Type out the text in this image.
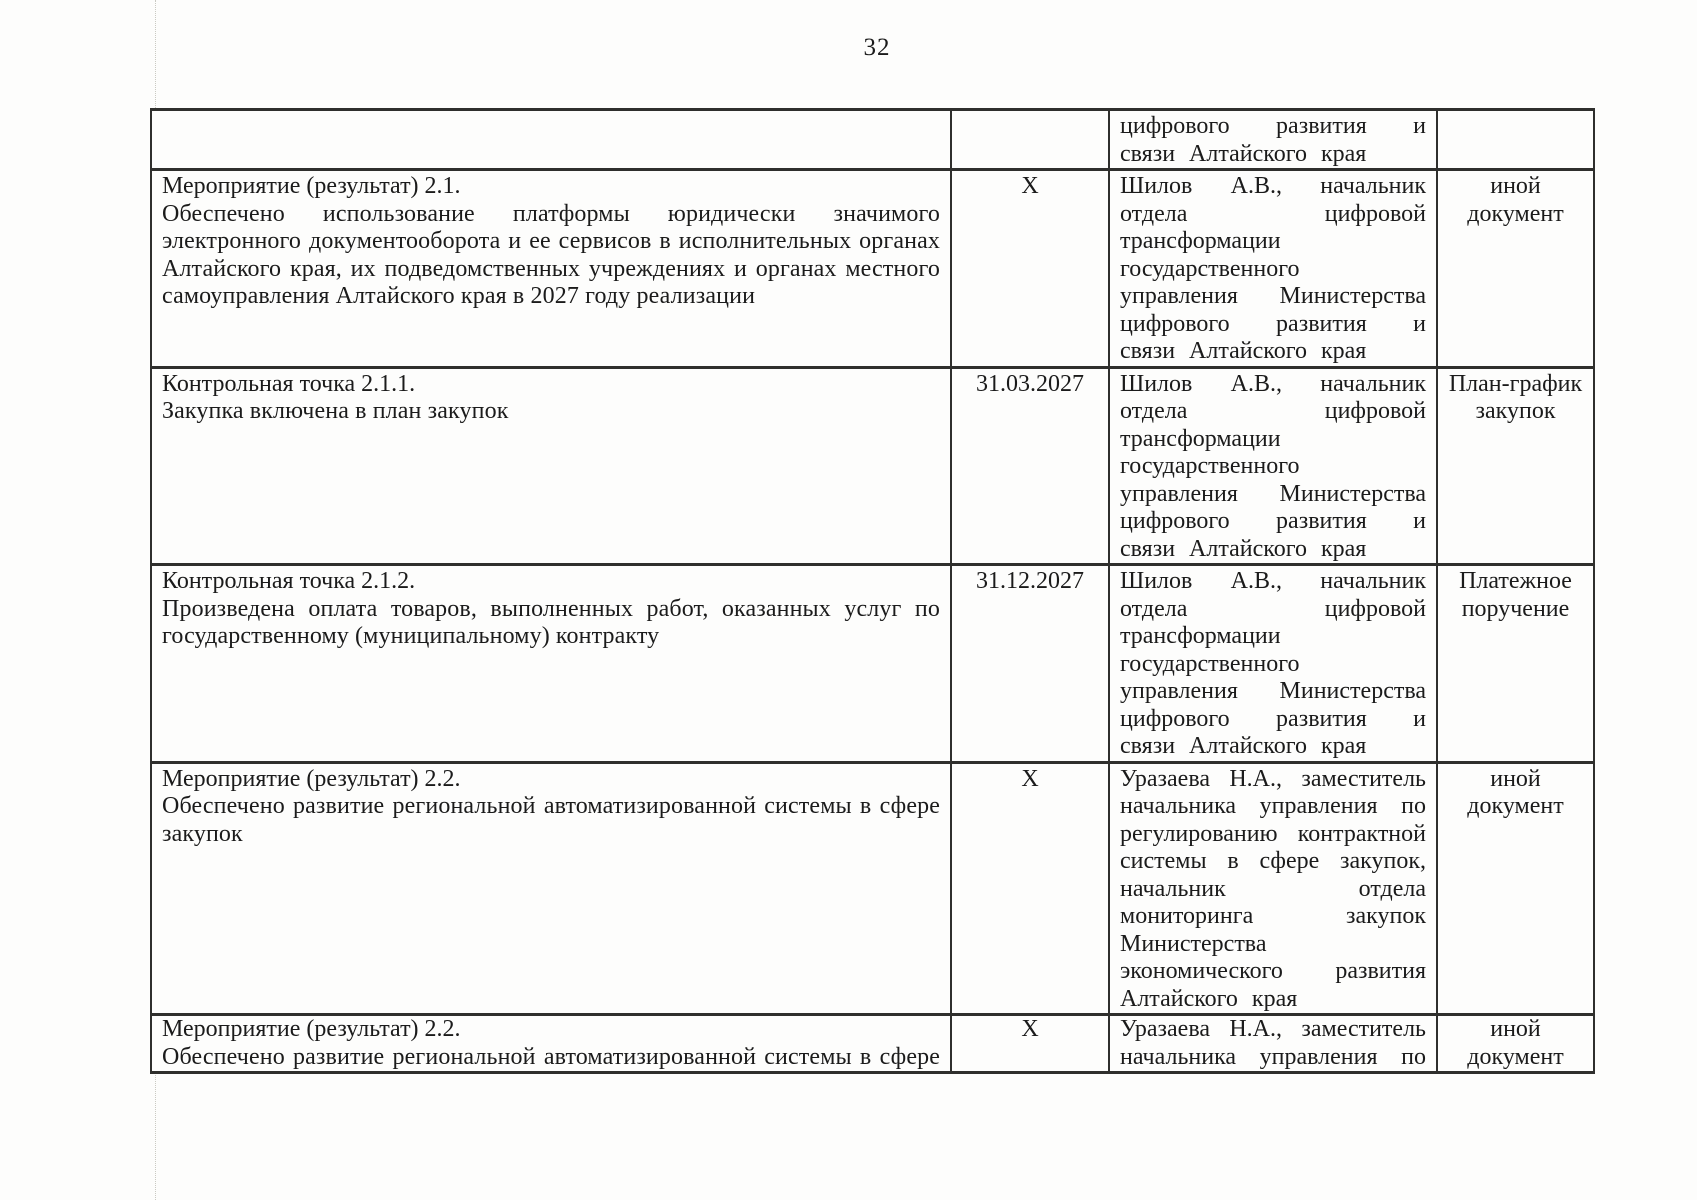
32

		цифрового развития и связи Алтайского края	

Мероприятие (результат) 2.1.
Обеспечено использование платформы юридически значимого электронного документооборота и ее сервисов в исполнительных органах Алтайского края, их подведомственных учреждениях и органах местного самоуправления Алтайского края в 2027 году реализации	X	Шилов А.В., начальник отдела цифровой трансформации государственного управления Министерства цифрового развития и связи Алтайского края	иной документ

Контрольная точка 2.1.1.
Закупка включена в план закупок	31.03.2027	Шилов А.В., начальник отдела цифровой трансформации государственного управления Министерства цифрового развития и связи Алтайского края	План-график закупок

Контрольная точка 2.1.2.
Произведена оплата товаров, выполненных работ, оказанных услуг по государственному (муниципальному) контракту	31.12.2027	Шилов А.В., начальник отдела цифровой трансформации государственного управления Министерства цифрового развития и связи Алтайского края	Платежное поручение

Мероприятие (результат) 2.2.
Обеспечено развитие региональной автоматизированной системы в сфере закупок	X	Уразаева Н.А., заместитель начальника управления по регулированию контрактной системы в сфере закупок, начальник отдела мониторинга закупок Министерства экономического развития Алтайского края	иной документ

Мероприятие (результат) 2.2.
Обеспечено развитие региональной автоматизированной системы в сфере	X	Уразаева Н.А., заместитель начальника управления по	иной документ
